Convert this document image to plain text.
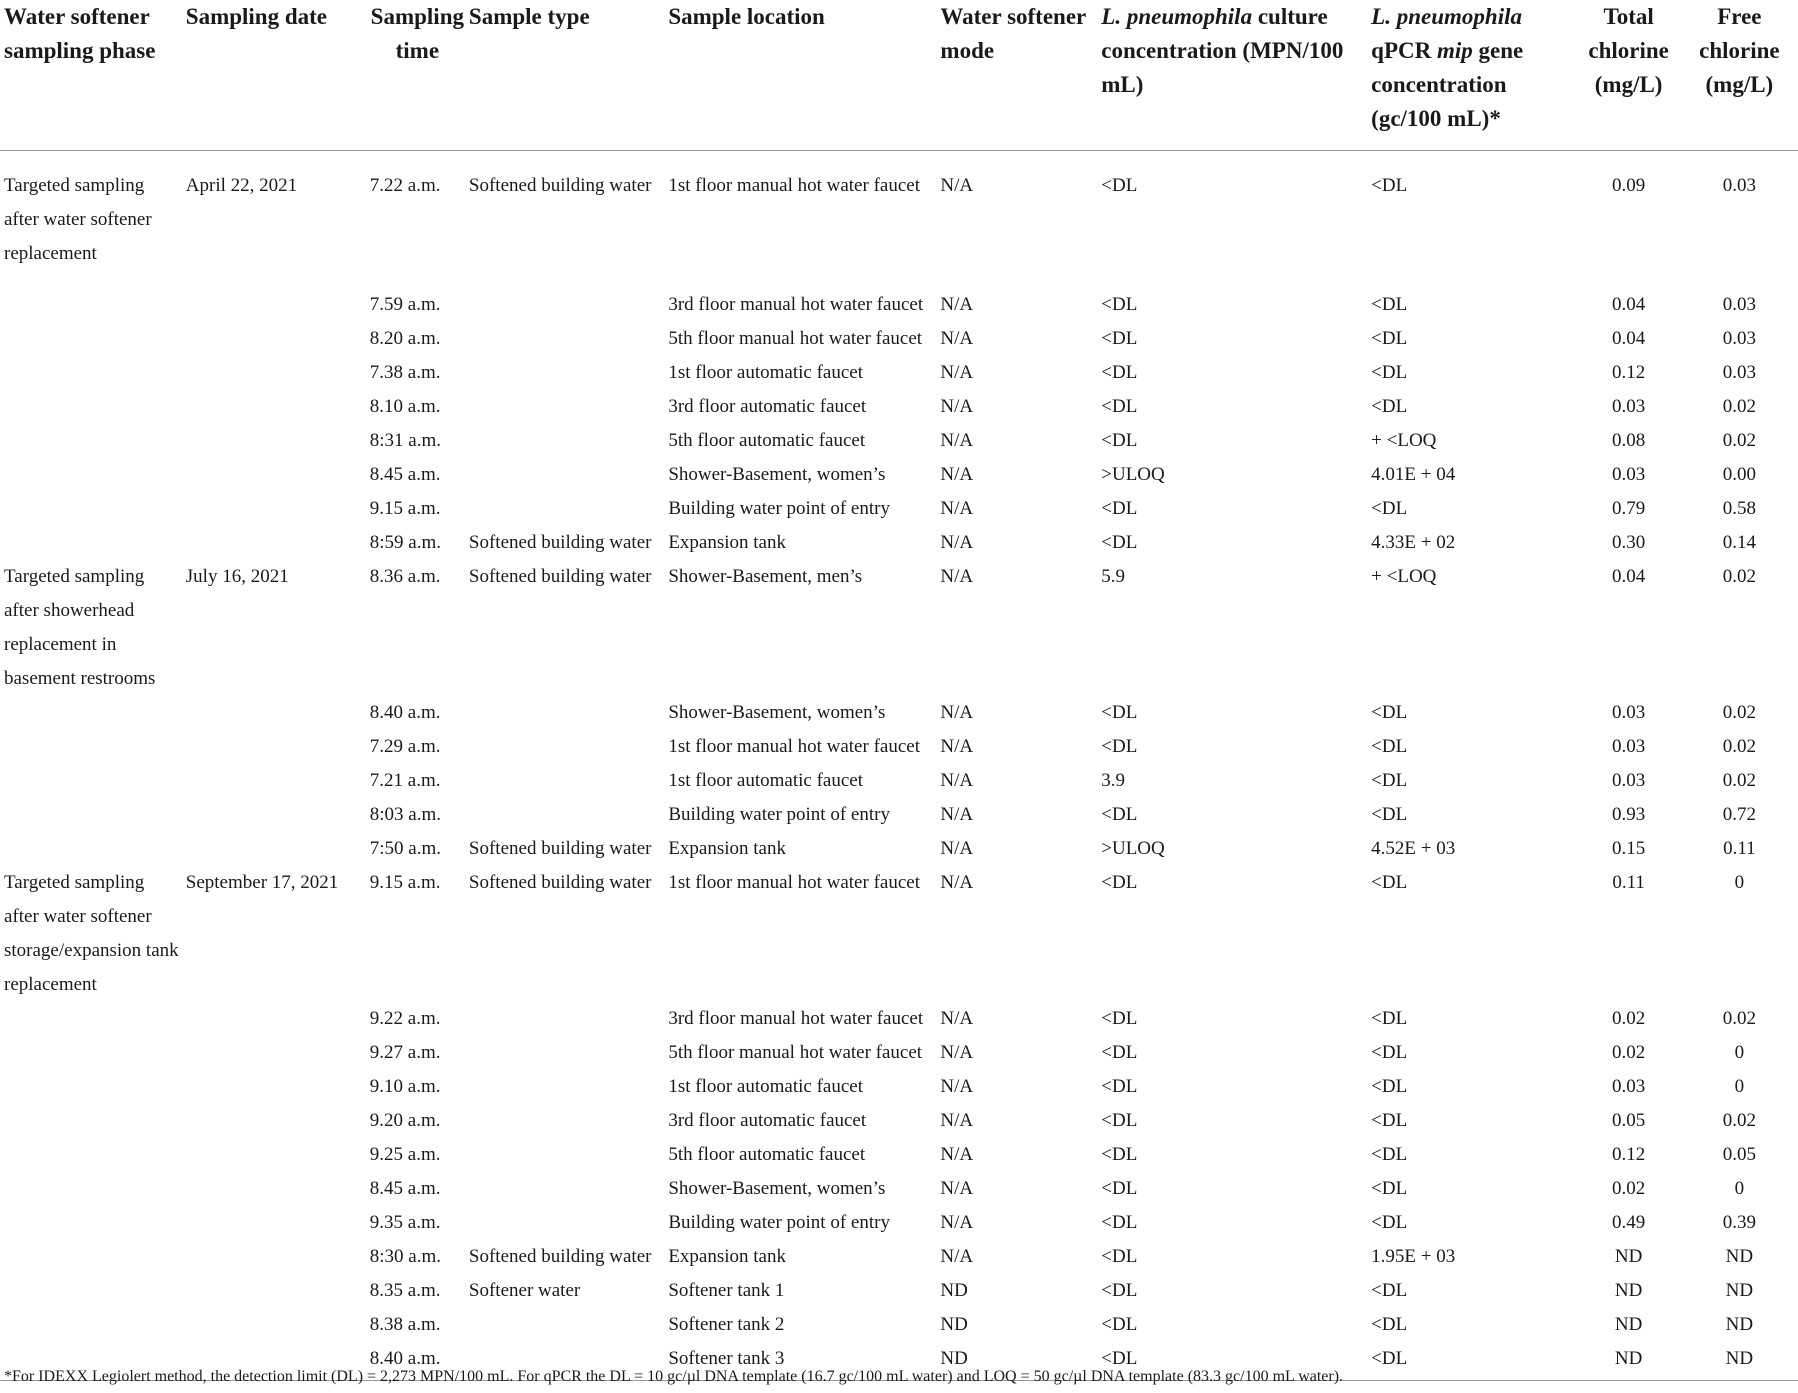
Water softener sampling phase	Sampling date	Sampling time	Sample type	Sample location	Water softener mode	L. pneumophila culture concentration (MPN/100 mL)	L. pneumophila qPCR mip gene concentration (gc/100 mL)*	Total chlorine (mg/L)	Free chlorine (mg/L)
Targeted sampling after water softener replacement	April 22, 2021	7.22 a.m.	Softened building water	1st floor manual hot water faucet	N/A	<DL	<DL	0.09	0.03
		7.59 a.m.		3rd floor manual hot water faucet	N/A	<DL	<DL	0.04	0.03
		8.20 a.m.		5th floor manual hot water faucet	N/A	<DL	<DL	0.04	0.03
		7.38 a.m.		1st floor automatic faucet	N/A	<DL	<DL	0.12	0.03
		8.10 a.m.		3rd floor automatic faucet	N/A	<DL	<DL	0.03	0.02
		8:31 a.m.		5th floor automatic faucet	N/A	<DL	+ <LOQ	0.08	0.02
		8.45 a.m.		Shower-Basement, women’s	N/A	>ULOQ	4.01E + 04	0.03	0.00
		9.15 a.m.		Building water point of entry	N/A	<DL	<DL	0.79	0.58
		8:59 a.m.	Softened building water	Expansion tank	N/A	<DL	4.33E + 02	0.30	0.14
Targeted sampling after showerhead replacement in basement restrooms	July 16, 2021	8.36 a.m.	Softened building water	Shower-Basement, men’s	N/A	5.9	+ <LOQ	0.04	0.02
		8.40 a.m.		Shower-Basement, women’s	N/A	<DL	<DL	0.03	0.02
		7.29 a.m.		1st floor manual hot water faucet	N/A	<DL	<DL	0.03	0.02
		7.21 a.m.		1st floor automatic faucet	N/A	3.9	<DL	0.03	0.02
		8:03 a.m.		Building water point of entry	N/A	<DL	<DL	0.93	0.72
		7:50 a.m.	Softened building water	Expansion tank	N/A	>ULOQ	4.52E + 03	0.15	0.11
Targeted sampling after water softener storage/expansion tank replacement	September 17, 2021	9.15 a.m.	Softened building water	1st floor manual hot water faucet	N/A	<DL	<DL	0.11	0
		9.22 a.m.		3rd floor manual hot water faucet	N/A	<DL	<DL	0.02	0.02
		9.27 a.m.		5th floor manual hot water faucet	N/A	<DL	<DL	0.02	0
		9.10 a.m.		1st floor automatic faucet	N/A	<DL	<DL	0.03	0
		9.20 a.m.		3rd floor automatic faucet	N/A	<DL	<DL	0.05	0.02
		9.25 a.m.		5th floor automatic faucet	N/A	<DL	<DL	0.12	0.05
		8.45 a.m.		Shower-Basement, women’s	N/A	<DL	<DL	0.02	0
		9.35 a.m.		Building water point of entry	N/A	<DL	<DL	0.49	0.39
		8:30 a.m.	Softened building water	Expansion tank	N/A	<DL	1.95E + 03	ND	ND
		8.35 a.m.	Softener water	Softener tank 1	ND	<DL	<DL	ND	ND
		8.38 a.m.		Softener tank 2	ND	<DL	<DL	ND	ND
		8.40 a.m.		Softener tank 3	ND	<DL	<DL	ND	ND
*For IDEXX Legiolert method, the detection limit (DL) = 2,273 MPN/100 mL. For qPCR the DL = 10 gc/µl DNA template (16.7 gc/100 mL water) and LOQ = 50 gc/µl DNA template (83.3 gc/100 mL water).
